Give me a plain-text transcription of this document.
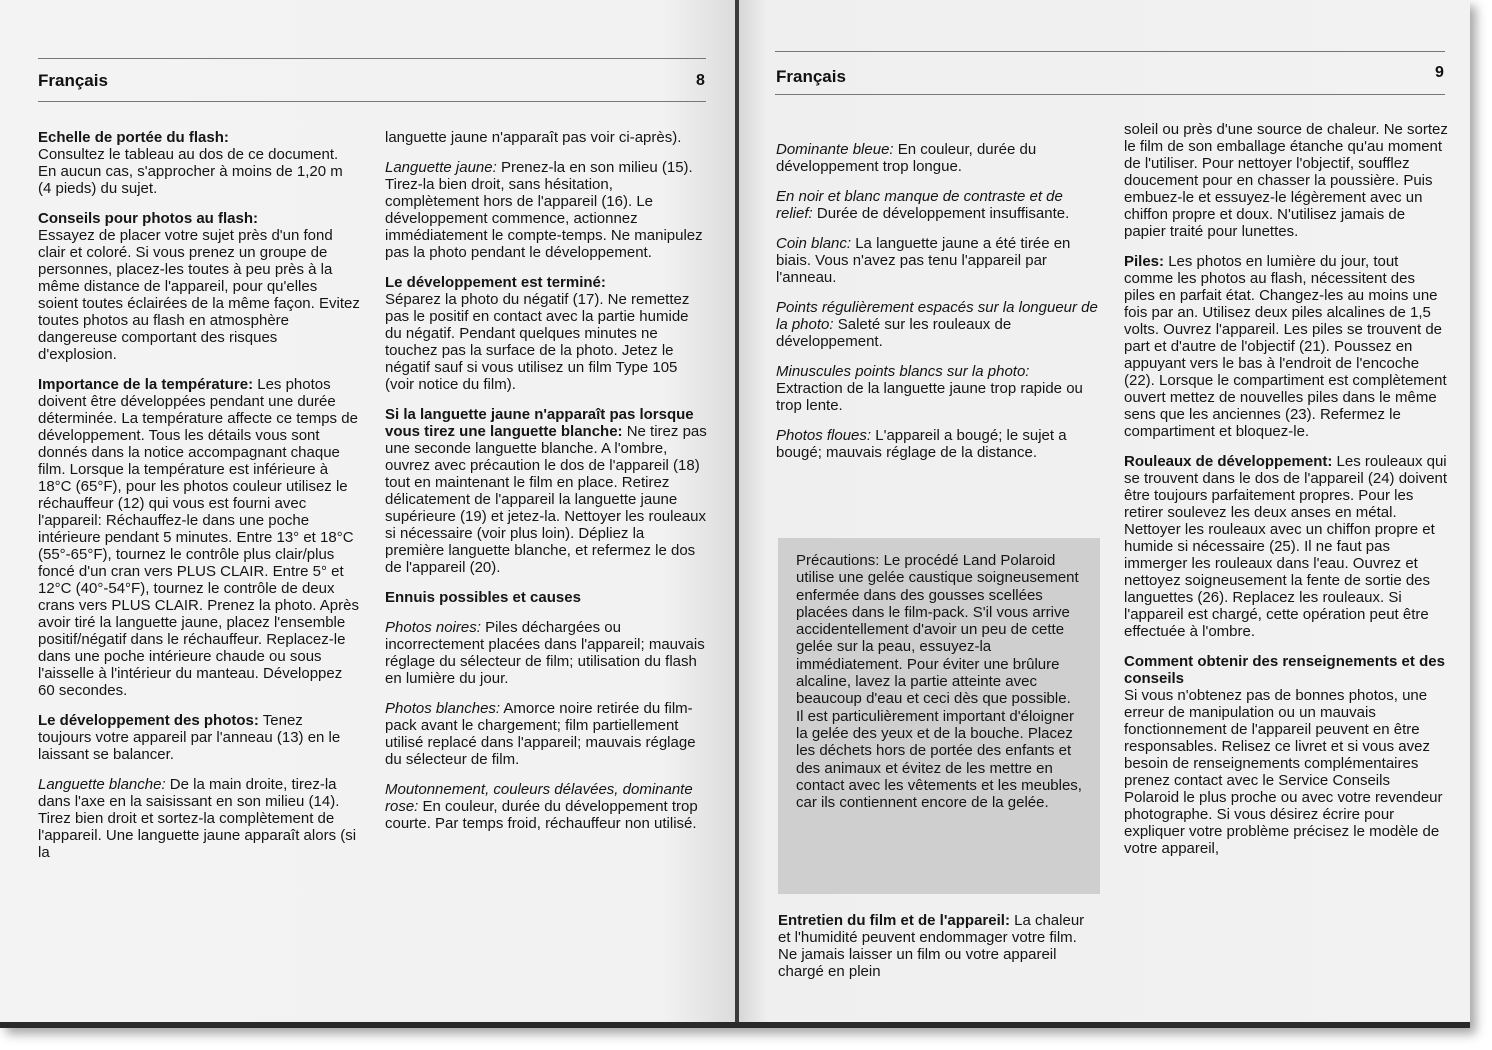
Français	8	Français	9

Echelle de portée du flash:
Consultez le tableau au dos de ce document. En aucun cas, s'approcher à moins de 1,20 m (4 pieds) du sujet.

Conseils pour photos au flash:
Essayez de placer votre sujet près d'un fond clair et coloré. Si vous prenez un groupe de personnes, placez-les toutes à peu près à la même distance de l'appareil, pour qu'elles soient toutes éclairées de la même façon. Evitez toutes photos au flash en atmosphère dangereuse comportant des risques d'explosion.

Importance de la température: Les photos doivent être développées pendant une durée déterminée. La température affecte ce temps de développement. Tous les détails vous sont donnés dans la notice accompagnant chaque film. Lorsque la température est inférieure à 18°C (65°F), pour les photos couleur utilisez le réchauffeur (12) qui vous est fourni avec l'appareil: Réchauffez-le dans une poche intérieure pendant 5 minutes. Entre 13° et 18°C (55°-65°F), tournez le contrôle plus clair/plus foncé d'un cran vers PLUS CLAIR. Entre 5° et 12°C (40°-54°F), tournez le contrôle de deux crans vers PLUS CLAIR. Prenez la photo. Après avoir tiré la languette jaune, placez l'ensemble positif/négatif dans le réchauffeur. Replacez-le dans une poche intérieure chaude ou sous l'aisselle à l'intérieur du manteau. Développez 60 secondes.

Le développement des photos: Tenez toujours votre appareil par l'anneau (13) en le laissant se balancer.

Languette blanche: De la main droite, tirez-la dans l'axe en la saisissant en son milieu (14). Tirez bien droit et sortez-la complètement de l'appareil. Une languette jaune apparaît alors (si la

languette jaune n'apparaît pas voir ci-après).

Languette jaune: Prenez-la en son milieu (15). Tirez-la bien droit, sans hésitation, complètement hors de l'appareil (16). Le développement commence, actionnez immédiatement le compte-temps. Ne manipulez pas la photo pendant le développement.

Le développement est terminé:
Séparez la photo du négatif (17). Ne remettez pas le positif en contact avec la partie humide du négatif. Pendant quelques minutes ne touchez pas la surface de la photo. Jetez le négatif sauf si vous utilisez un film Type 105 (voir notice du film).

Si la languette jaune n'apparaît pas lorsque vous tirez une languette blanche: Ne tirez pas une seconde languette blanche. A l'ombre, ouvrez avec précaution le dos de l'appareil (18) tout en maintenant le film en place. Retirez délicatement de l'appareil la languette jaune supérieure (19) et jetez-la. Nettoyer les rouleaux si nécessaire (voir plus loin). Dépliez la première languette blanche, et refermez le dos de l'appareil (20).

Ennuis possibles et causes

Photos noires: Piles déchargées ou incorrectement placées dans l'appareil; mauvais réglage du sélecteur de film; utilisation du flash en lumière du jour.

Photos blanches: Amorce noire retirée du film-pack avant le chargement; film partiellement utilisé replacé dans l'appareil; mauvais réglage du sélecteur de film.

Moutonnement, couleurs délavées, dominante rose: En couleur, durée du développement trop courte. Par temps froid, réchauffeur non utilisé.

Dominante bleue: En couleur, durée du développement trop longue.

En noir et blanc manque de contraste et de relief: Durée de développement insuffisante.

Coin blanc: La languette jaune a été tirée en biais. Vous n'avez pas tenu l'appareil par l'anneau.

Points régulièrement espacés sur la longueur de la photo: Saleté sur les rouleaux de développement.

Minuscules points blancs sur la photo: Extraction de la languette jaune trop rapide ou trop lente.

Photos floues: L'appareil a bougé; le sujet a bougé; mauvais réglage de la distance.

Précautions: Le procédé Land Polaroid utilise une gelée caustique soigneusement enfermée dans des gousses scellées placées dans le film-pack. S'il vous arrive accidentellement d'avoir un peu de cette gelée sur la peau, essuyez-la immédiatement. Pour éviter une brûlure alcaline, lavez la partie atteinte avec beaucoup d'eau et ceci dès que possible. Il est particulièrement important d'éloigner la gelée des yeux et de la bouche. Placez les déchets hors de portée des enfants et des animaux et évitez de les mettre en contact avec les vêtements et les meubles, car ils contiennent encore de la gelée.

Entretien du film et de l'appareil: La chaleur et l'humidité peuvent endommager votre film. Ne jamais laisser un film ou votre appareil chargé en plein

soleil ou près d'une source de chaleur. Ne sortez le film de son emballage étanche qu'au moment de l'utiliser. Pour nettoyer l'objectif, soufflez doucement pour en chasser la poussière. Puis embuez-le et essuyez-le légèrement avec un chiffon propre et doux. N'utilisez jamais de papier traité pour lunettes.

Piles: Les photos en lumière du jour, tout comme les photos au flash, nécessitent des piles en parfait état. Changez-les au moins une fois par an. Utilisez deux piles alcalines de 1,5 volts. Ouvrez l'appareil. Les piles se trouvent de part et d'autre de l'objectif (21). Poussez en appuyant vers le bas à l'endroit de l'encoche (22). Lorsque le compartiment est complètement ouvert mettez de nouvelles piles dans le même sens que les anciennes (23). Refermez le compartiment et bloquez-le.

Rouleaux de développement: Les rouleaux qui se trouvent dans le dos de l'appareil (24) doivent être toujours parfaitement propres. Pour les retirer soulevez les deux anses en métal. Nettoyer les rouleaux avec un chiffon propre et humide si nécessaire (25). Il ne faut pas immerger les rouleaux dans l'eau. Ouvrez et nettoyez soigneusement la fente de sortie des languettes (26). Replacez les rouleaux. Si l'appareil est chargé, cette opération peut être effectuée à l'ombre.

Comment obtenir des renseignements et des conseils
Si vous n'obtenez pas de bonnes photos, une erreur de manipulation ou un mauvais fonctionnement de l'appareil peuvent en être responsables. Relisez ce livret et si vous avez besoin de renseignements complémentaires prenez contact avec le Service Conseils Polaroid le plus proche ou avec votre revendeur photographe. Si vous désirez écrire pour expliquer votre problème précisez le modèle de votre appareil,
